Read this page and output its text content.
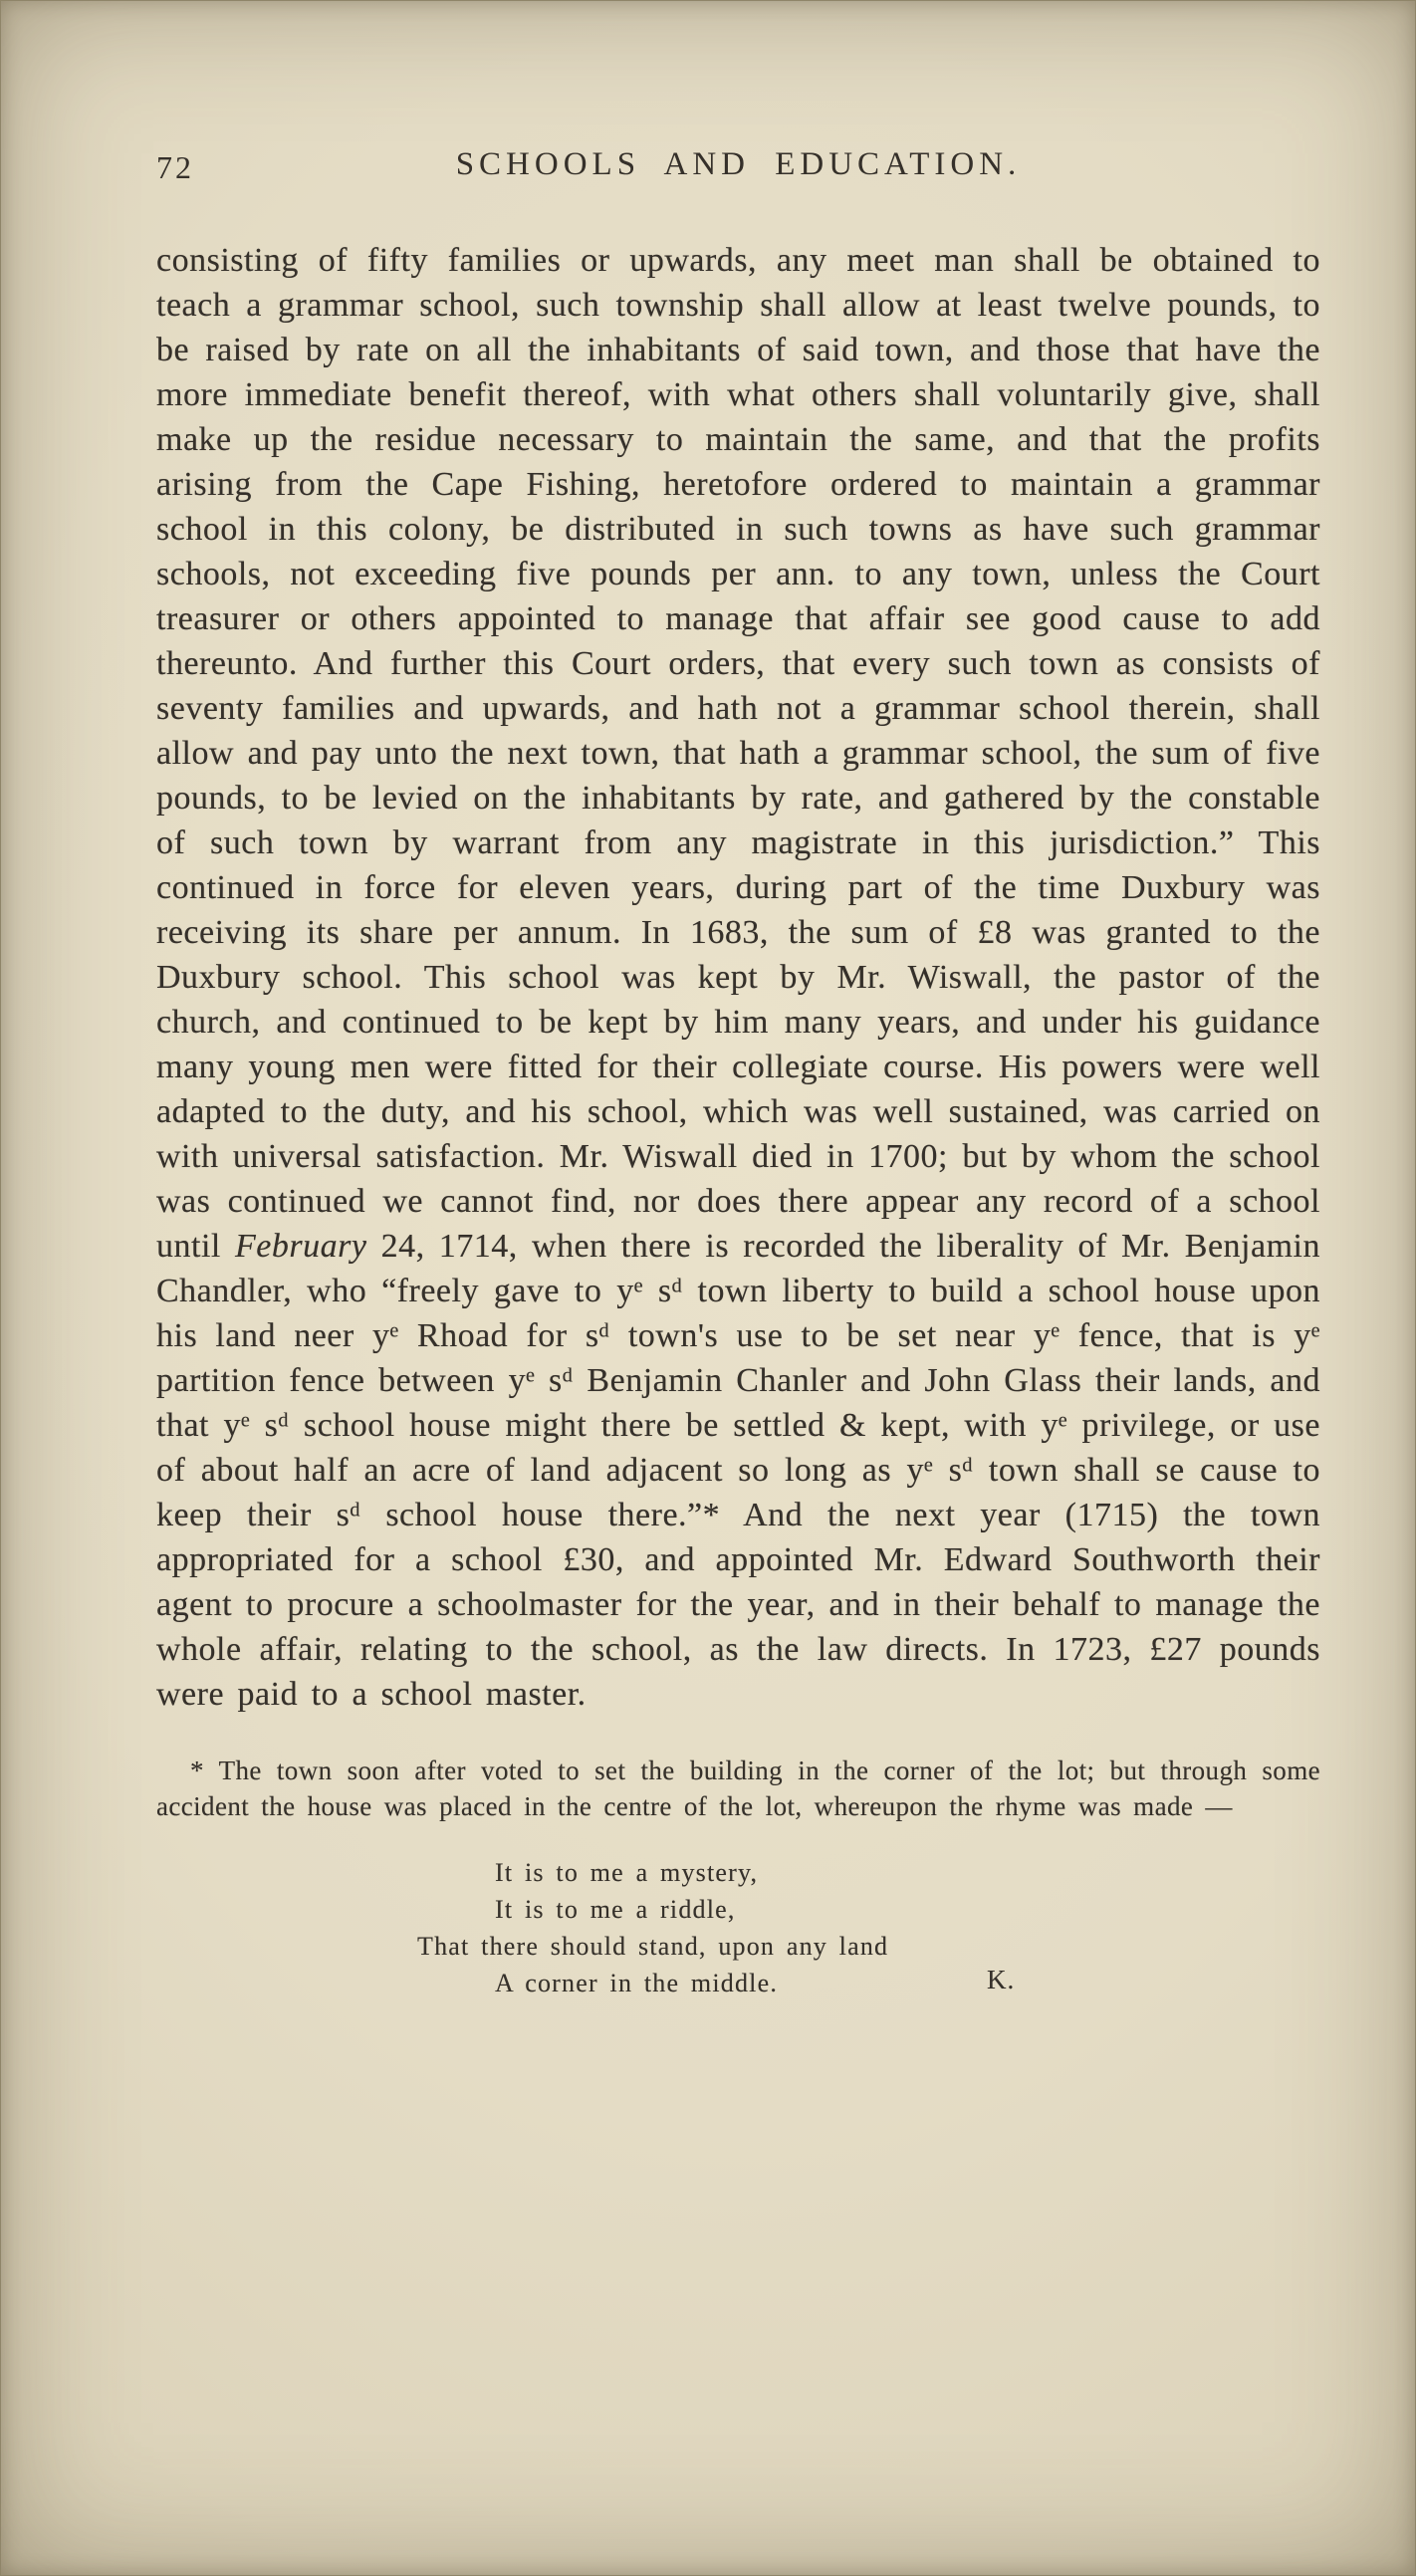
72	SCHOOLS AND EDUCATION.

consisting of fifty families or upwards, any meet man shall be obtained to teach a grammar school, such township shall allow at least twelve pounds, to be raised by rate on all the inhabitants of said town, and those that have the more immediate benefit thereof, with what others shall voluntarily give, shall make up the residue necessary to maintain the same, and that the profits arising from the Cape Fishing, heretofore ordered to maintain a grammar school in this colony, be distributed in such towns as have such grammar schools, not exceeding five pounds per ann. to any town, unless the Court treasurer or others appointed to manage that affair see good cause to add thereunto. And further this Court orders, that every such town as consists of seventy families and upwards, and hath not a grammar school therein, shall allow and pay unto the next town, that hath a grammar school, the sum of five pounds, to be levied on the inhabitants by rate, and gathered by the constable of such town by warrant from any magistrate in this jurisdiction.” This continued in force for eleven years, during part of the time Duxbury was receiving its share per annum. In 1683, the sum of £8 was granted to the Duxbury school. This school was kept by Mr. Wiswall, the pastor of the church, and continued to be kept by him many years, and under his guidance many young men were fitted for their collegiate course. His powers were well adapted to the duty, and his school, which was well sustained, was carried on with universal satisfaction. Mr. Wiswall died in 1700; but by whom the school was continued we cannot find, nor does there appear any record of a school until February 24, 1714, when there is recorded the liberality of Mr. Benjamin Chandler, who “freely gave to yᵉ sᵈ town liberty to build a school house upon his land neer yᵉ Rhoad for sᵈ town's use to be set near yᵉ fence, that is yᵉ partition fence between yᵉ sᵈ Benjamin Chanler and John Glass their lands, and that yᵉ sᵈ school house might there be settled & kept, with yᵉ privilege, or use of about half an acre of land adjacent so long as yᵉ sᵈ town shall se cause to keep their sᵈ school house there.”* And the next year (1715) the town appropriated for a school £30, and appointed Mr. Edward Southworth their agent to procure a schoolmaster for the year, and in their behalf to manage the whole affair, relating to the school, as the law directs. In 1723, £27 pounds were paid to a school master.

* The town soon after voted to set the building in the corner of the lot; but through some accident the house was placed in the centre of the lot, whereupon the rhyme was made —

It is to me a mystery,
It is to me a riddle,
That there should stand, upon any land
A corner in the middle.	K.
